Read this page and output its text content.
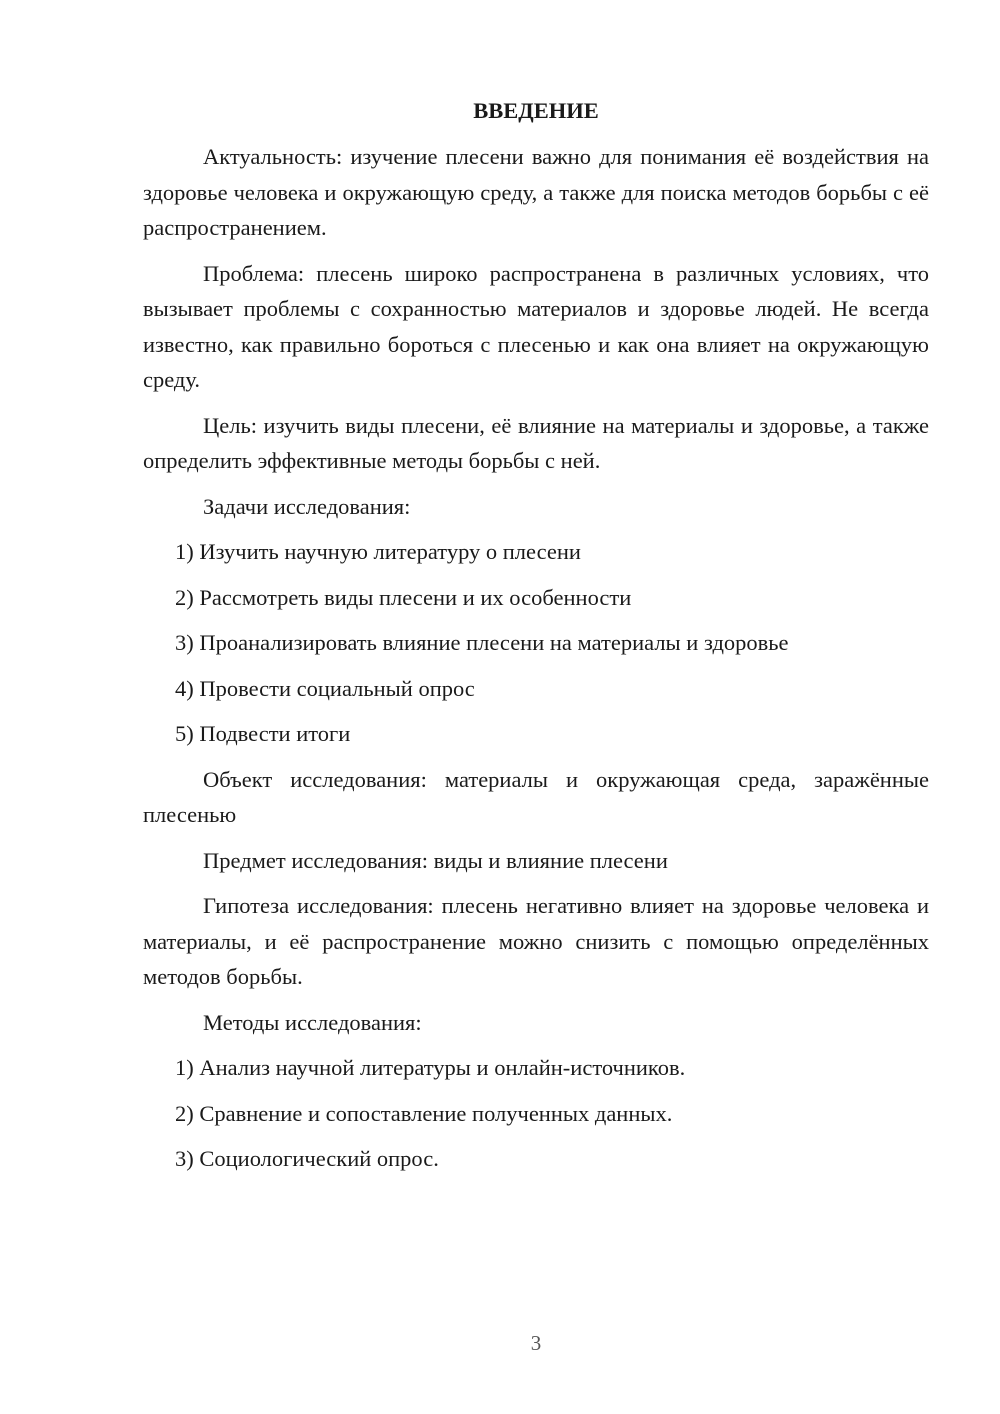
ВВЕДЕНИЕ

Актуальность: изучение плесени важно для понимания её воздействия на здоровье человека и окружающую среду, а также для поиска методов борьбы с её распространением.

Проблема: плесень широко распространена в различных условиях, что вызывает проблемы с сохранностью материалов и здоровье людей. Не всегда известно, как правильно бороться с плесенью и как она влияет на окружающую среду.

Цель: изучить виды плесени, её влияние на материалы и здоровье, а также определить эффективные методы борьбы с ней.

Задачи исследования:

1) Изучить научную литературу о плесени

2) Рассмотреть виды плесени и их особенности

3) Проанализировать влияние плесени на материалы и здоровье

4) Провести социальный опрос

5) Подвести итоги

Объект исследования: материалы и окружающая среда, заражённые плесенью

Предмет исследования: виды и влияние плесени

Гипотеза исследования: плесень негативно влияет на здоровье человека и материалы, и её распространение можно снизить с помощью определённых методов борьбы.

Методы исследования:

1) Анализ научной литературы и онлайн-источников.

2) Сравнение и сопоставление полученных данных.

3) Социологический опрос.

3
